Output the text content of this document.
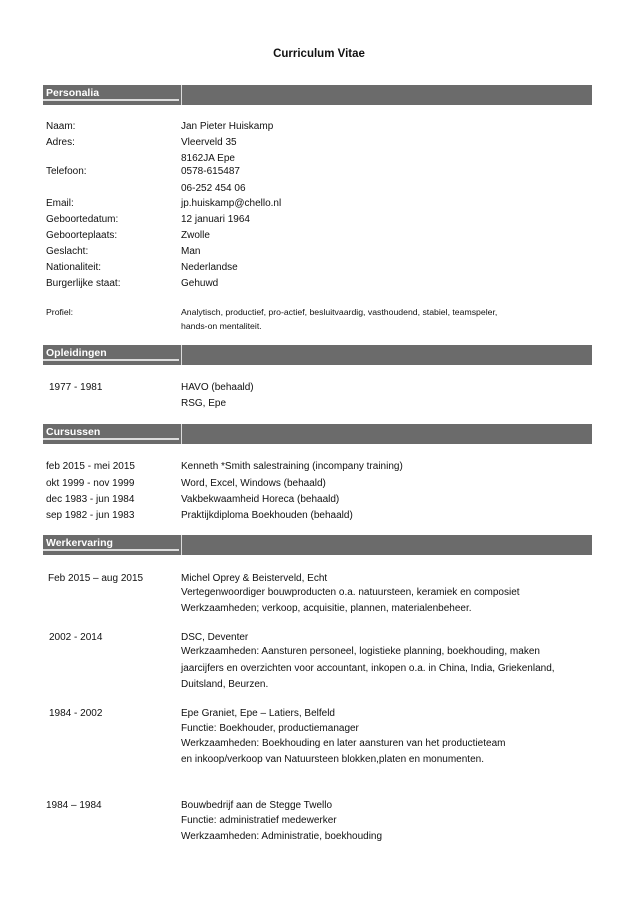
Curriculum Vitae
Personalia
Naam:	Jan Pieter Huiskamp
Adres:	Vleerveld 35
8162JA Epe
Telefoon:	0578-615487
06-252 454 06
Email:	jp.huiskamp@chello.nl
Geboortedatum:	12 januari 1964
Geboorteplaats:	Zwolle
Geslacht:	Man
Nationaliteit:	Nederlandse
Burgerlijke staat:	Gehuwd
Profiel:	Analytisch, productief, pro-actief, besluitvaardig, vasthoudend, stabiel, teamspeler,
hands-on mentaliteit.
Opleidingen
1977 - 1981	HAVO (behaald)
RSG, Epe
Cursussen
feb 2015 - mei 2015	Kenneth *Smith salestraining (incompany training)
okt 1999 - nov 1999	Word, Excel, Windows (behaald)
dec 1983 - jun 1984	Vakbekwaamheid Horeca (behaald)
sep 1982 - jun 1983	Praktijkdiploma Boekhouden (behaald)
Werkervaring
Feb 2015 – aug 2015	Michel Oprey & Beisterveld, Echt
Vertegenwoordiger bouwproducten o.a. natuursteen, keramiek en composiet
Werkzaamheden; verkoop, acquisitie, plannen, materialenbeheer.
2002 - 2014	DSC, Deventer
Werkzaamheden: Aansturen personeel, logistieke planning, boekhouding, maken
jaarcijfers en overzichten voor accountant, inkopen o.a. in China, India, Griekenland,
Duitsland, Beurzen.
1984 - 2002	Epe Graniet, Epe – Latiers, Belfeld
Functie: Boekhouder, productiemanager
Werkzaamheden: Boekhouding en later aansturen van het productieteam
en inkoop/verkoop van Natuursteen blokken,platen en monumenten.
1984 – 1984	Bouwbedrijf aan de Stegge Twello
Functie: administratief medewerker
Werkzaamheden: Administratie, boekhouding
